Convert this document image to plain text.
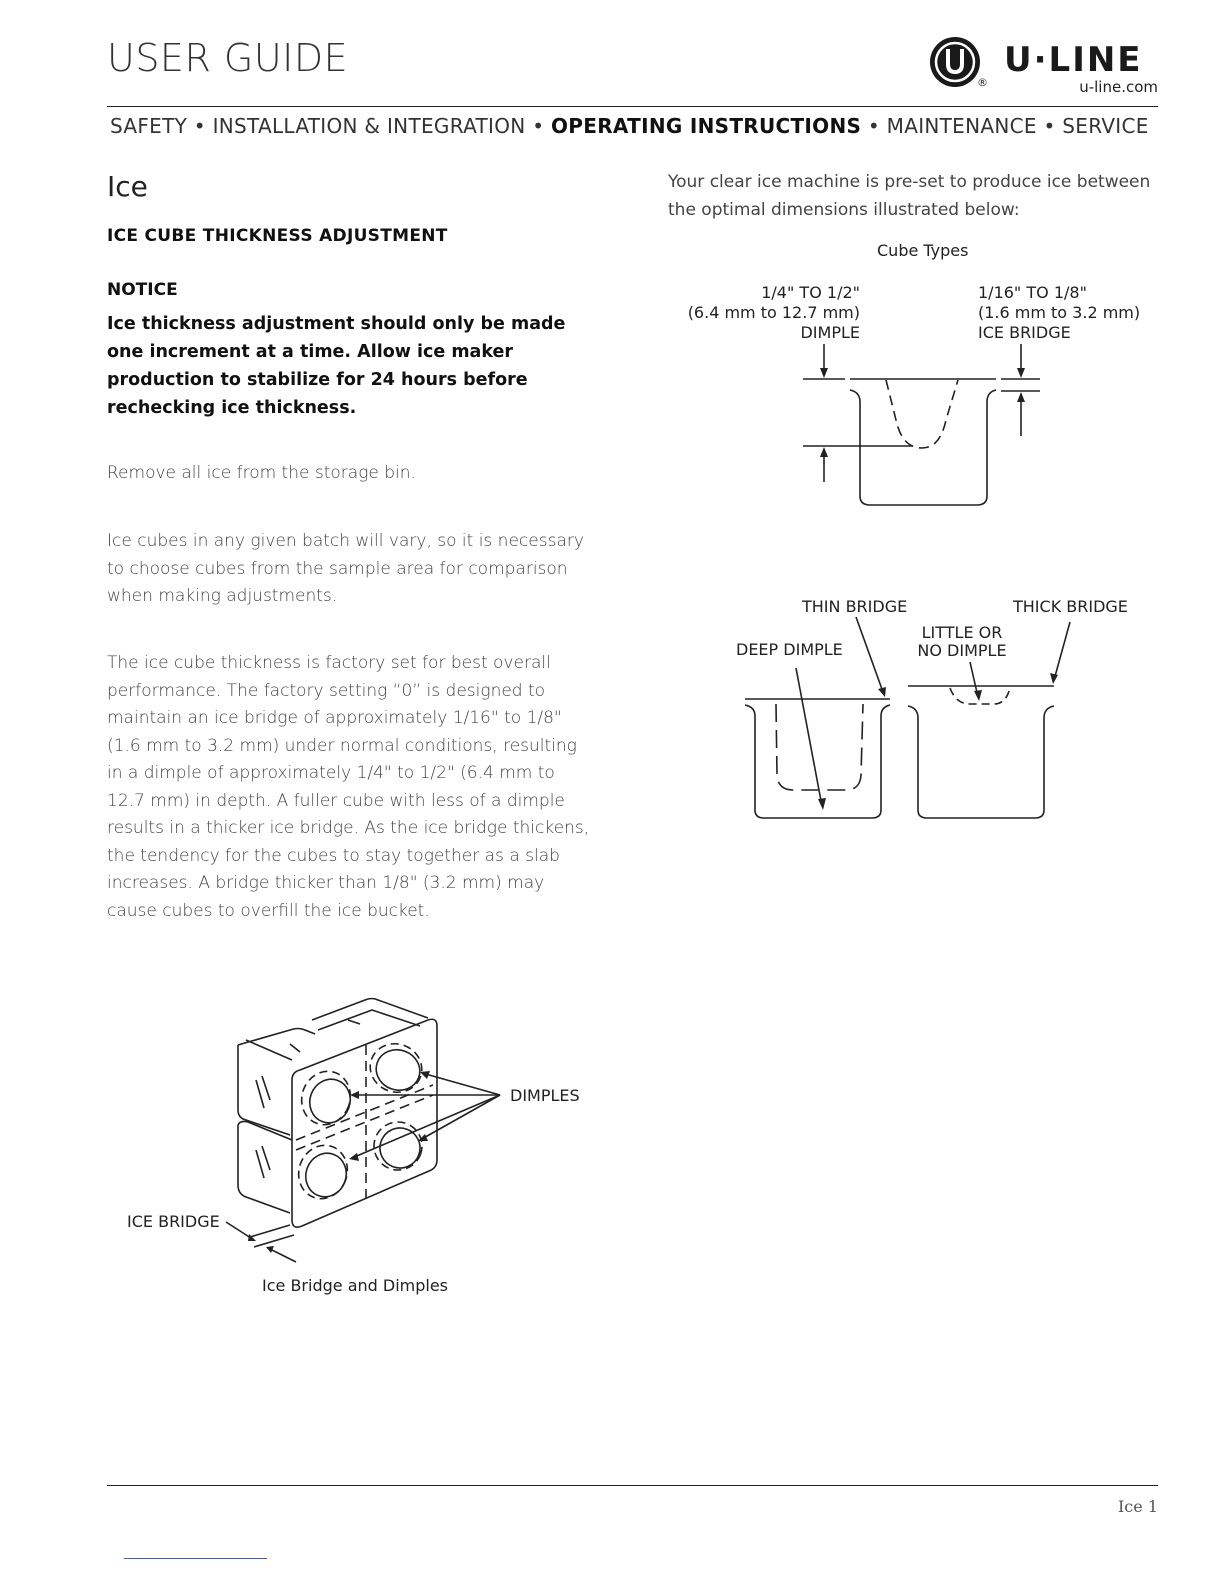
USER GUIDE
®
U·LINE
u-line.com
SAFETY • INSTALLATION & INTEGRATION • OPERATING INSTRUCTIONS • MAINTENANCE • SERVICE
Ice
ICE CUBE THICKNESS ADJUSTMENT
NOTICE
Ice thickness adjustment should only be made one increment at a time. Allow ice maker production to stabilize for 24 hours before rechecking ice thickness.
Remove all ice from the storage bin.
Ice cubes in any given batch will vary, so it is necessary to choose cubes from the sample area for comparison when making adjustments.
The ice cube thickness is factory set for best overall performance. The factory setting “0” is designed to maintain an ice bridge of approximately 1/16" to 1/8" (1.6 mm to 3.2 mm) under normal conditions, resulting in a dimple of approximately 1/4" to 1/2" (6.4 mm to 12.7 mm) in depth. A fuller cube with less of a dimple results in a thicker ice bridge. As the ice bridge thickens, the tendency for the cubes to stay together as a slab increases. A bridge thicker than 1/8" (3.2 mm) may cause cubes to overfill the ice bucket.
Your clear ice machine is pre-set to produce ice between the optimal dimensions illustrated below:
Cube Types
1/4" TO 1/2"
(6.4 mm to 12.7 mm)
DIMPLE
1/16" TO 1/8"
(1.6 mm to 3.2 mm)
ICE BRIDGE
THIN BRIDGE	THICK BRIDGE
DEEP DIMPLE
LITTLE OR
NO DIMPLE
DIMPLES
ICE BRIDGE
Ice Bridge and Dimples
Ice 1
